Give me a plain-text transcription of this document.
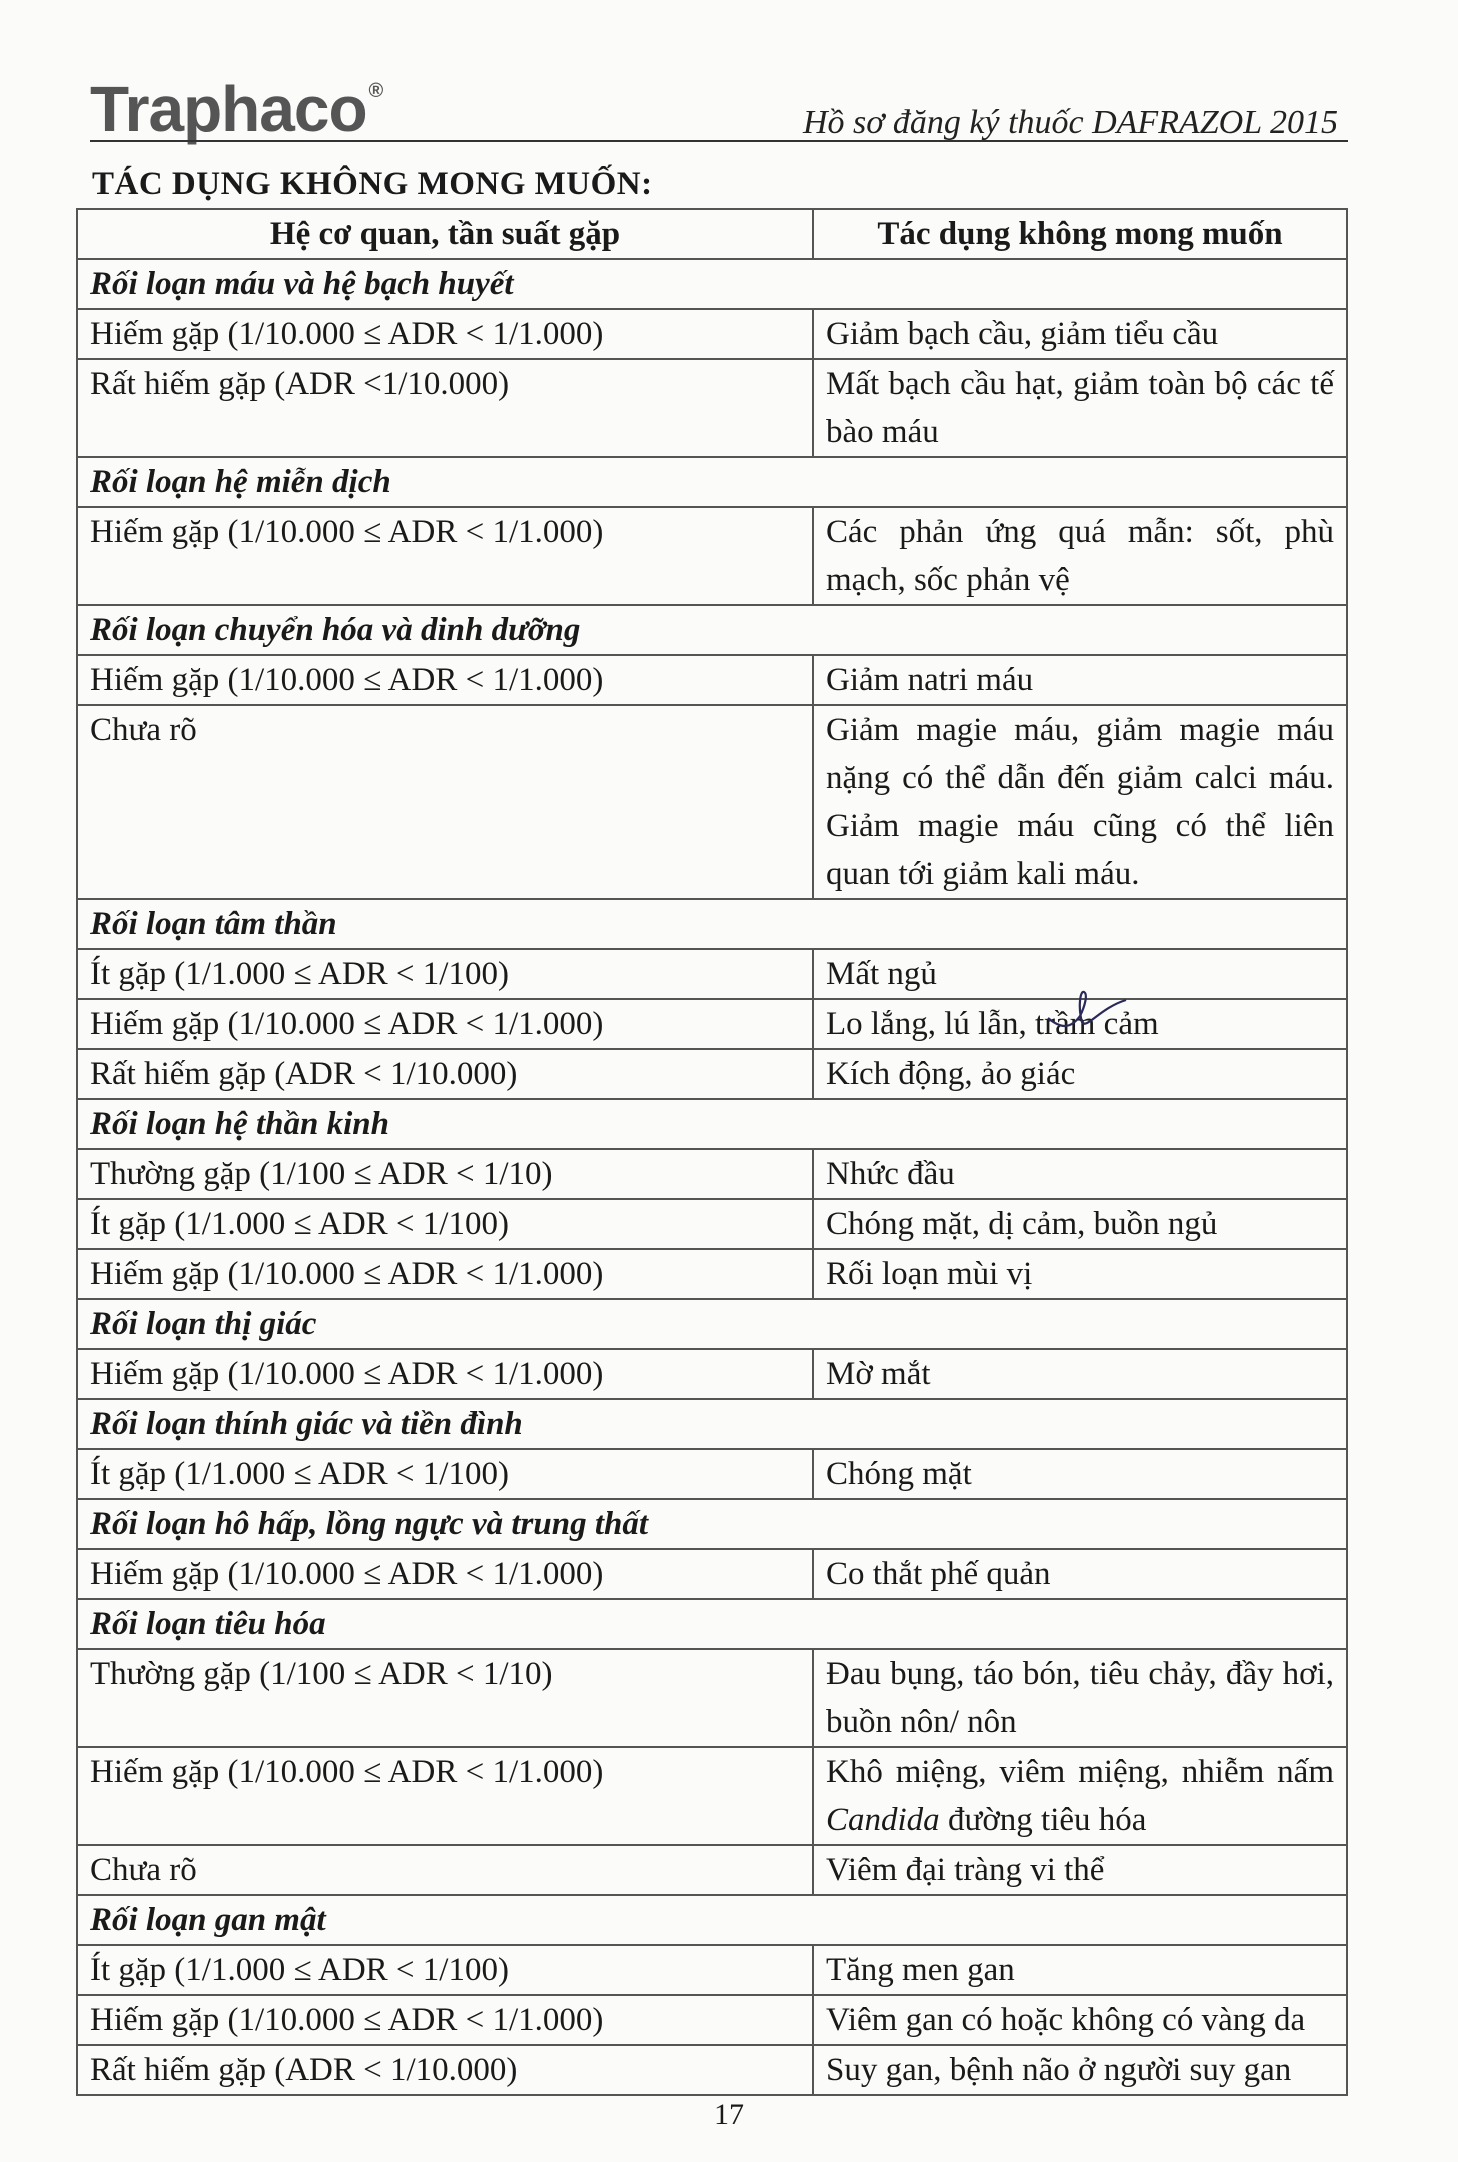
Traphaco ®
Hồ sơ đăng ký thuốc DAFRAZOL 2015
TÁC DỤNG KHÔNG MONG MUỐN:
Hệ cơ quan, tần suất gặp	Tác dụng không mong muốn
Rối loạn máu và hệ bạch huyết	
Hiếm gặp (1/10.000 ≤ ADR < 1/1.000)	Giảm bạch cầu, giảm tiểu cầu
Rất hiếm gặp (ADR <1/10.000)	Mất bạch cầu hạt, giảm toàn bộ các tế bào máu
Rối loạn hệ miễn dịch	
Hiếm gặp (1/10.000 ≤ ADR < 1/1.000)	Các phản ứng quá mẫn: sốt, phù mạch, sốc phản vệ
Rối loạn chuyển hóa và dinh dưỡng	
Hiếm gặp (1/10.000 ≤ ADR < 1/1.000)	Giảm natri máu
Chưa rõ	Giảm magie máu, giảm magie máu nặng có thể dẫn đến giảm calci máu. Giảm magie máu cũng có thể liên quan tới giảm kali máu.
Rối loạn tâm thần	
Ít gặp (1/1.000 ≤ ADR < 1/100)	Mất ngủ
Hiếm gặp (1/10.000 ≤ ADR < 1/1.000)	Lo lắng, lú lẫn, trầm cảm
Rất hiếm gặp (ADR < 1/10.000)	Kích động, ảo giác
Rối loạn hệ thần kinh	
Thường gặp (1/100 ≤ ADR < 1/10)	Nhức đầu
Ít gặp (1/1.000 ≤ ADR < 1/100)	Chóng mặt, dị cảm, buồn ngủ
Hiếm gặp (1/10.000 ≤ ADR < 1/1.000)	Rối loạn mùi vị
Rối loạn thị giác	
Hiếm gặp (1/10.000 ≤ ADR < 1/1.000)	Mờ mắt
Rối loạn thính giác và tiền đình	
Ít gặp (1/1.000 ≤ ADR < 1/100)	Chóng mặt
Rối loạn hô hấp, lồng ngực và trung thất	
Hiếm gặp (1/10.000 ≤ ADR < 1/1.000)	Co thắt phế quản
Rối loạn tiêu hóa	
Thường gặp (1/100 ≤ ADR < 1/10)	Đau bụng, táo bón, tiêu chảy, đầy hơi, buồn nôn/ nôn
Hiếm gặp (1/10.000 ≤ ADR < 1/1.000)	Khô miệng, viêm miệng, nhiễm nấm Candida đường tiêu hóa
Chưa rõ	Viêm đại tràng vi thể
Rối loạn gan mật	
Ít gặp (1/1.000 ≤ ADR < 1/100)	Tăng men gan
Hiếm gặp (1/10.000 ≤ ADR < 1/1.000)	Viêm gan có hoặc không có vàng da
Rất hiếm gặp (ADR < 1/10.000)	Suy gan, bệnh não ở người suy gan
17
